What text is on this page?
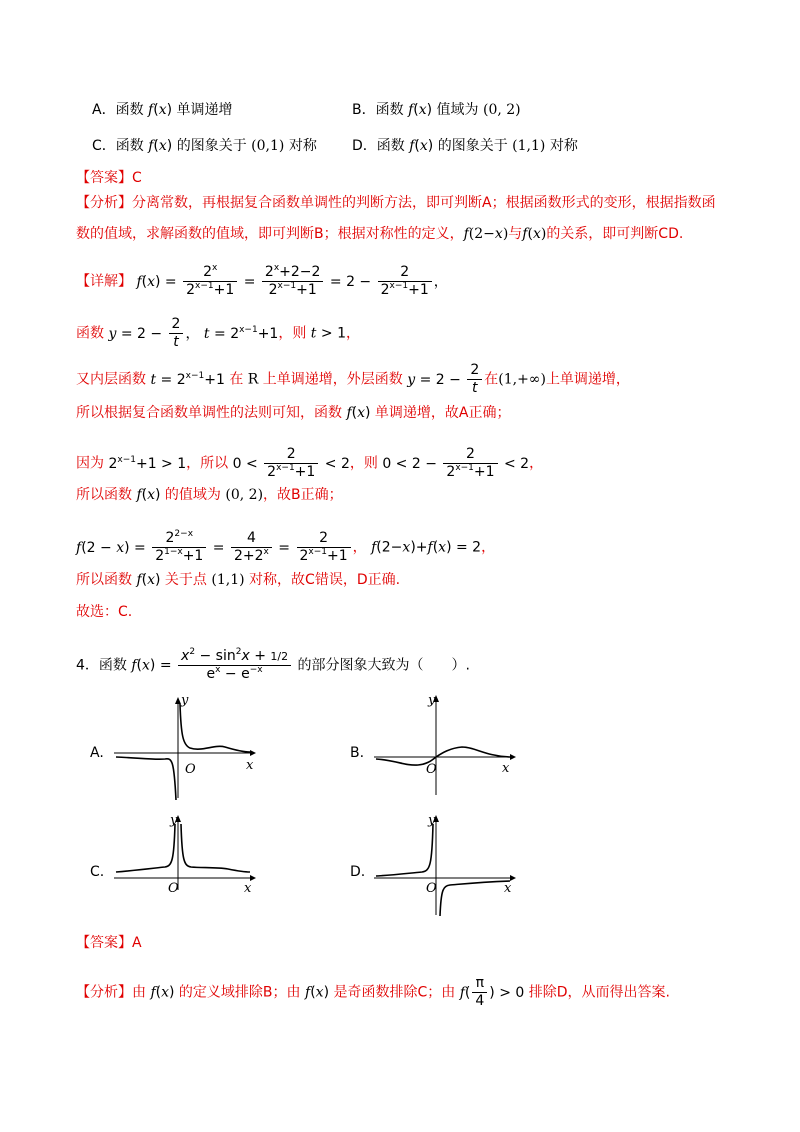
A．函数 f(x) 单调递增	B．函数 f(x) 值域为 (0, 2)
C．函数 f(x) 的图象关于 (0,1) 对称	D．函数 f(x) 的图象关于 (1,1) 对称
【答案】C
【分析】分离常数，再根据复合函数单调性的判断方法，即可判断A；根据函数形式的变形，根据指数函
数的值域，求解函数的值域，即可判断B；根据对称性的定义，f(2−x)与f(x)的关系，即可判断CD.
【详解】 $f(x) = \frac{2^x}{2^{x-1}+1} = \frac{2^x+2-2}{2^{x-1}+1} = 2 - \frac{2}{2^{x-1}+1}$ ，
函数 $y = 2 - \frac{2}{t}$ ， $t = 2^{x-1}+1$，则 t > 1，
又内层函数 $t = 2^{x-1}+1$ 在 R 上单调递增，外层函数 $y = 2 - \frac{2}{t}$ 在(1,+∞)上单调递增，
所以根据复合函数单调性的法则可知，函数 f(x) 单调递增，故A正确；
因为 $2^{x-1}+1 > 1$，所以 $0 < \frac{2}{2^{x-1}+1} < 2$，则 $0 < 2 - \frac{2}{2^{x-1}+1} < 2$，
所以函数 f(x) 的值域为 (0, 2)，故B正确；
$f(2 - x) = \frac{2^{2-x}}{2^{1-x}+1} = \frac{4}{2+2^x} = \frac{2}{2^{x-1}+1}$ ， f(2−x)+f(x) = 2，
所以函数 f(x) 关于点 (1,1) 对称，故C错误，D正确.
故选：C.
4．函数 $f(x) = \frac{x^2 - \sin^2x + 1/2}{e^x - e^{-x}}$ 的部分图象大致为（　　）.
A.	B.
C.	D.
y
x
O
y
x
O
y
x
O
y
x
O
【答案】A
【分析】由 f(x) 的定义域排除B；由 f(x) 是奇函数排除C；由 $f( \frac{\pi}{4}$ ) > 0 排除D，从而得出答案.
